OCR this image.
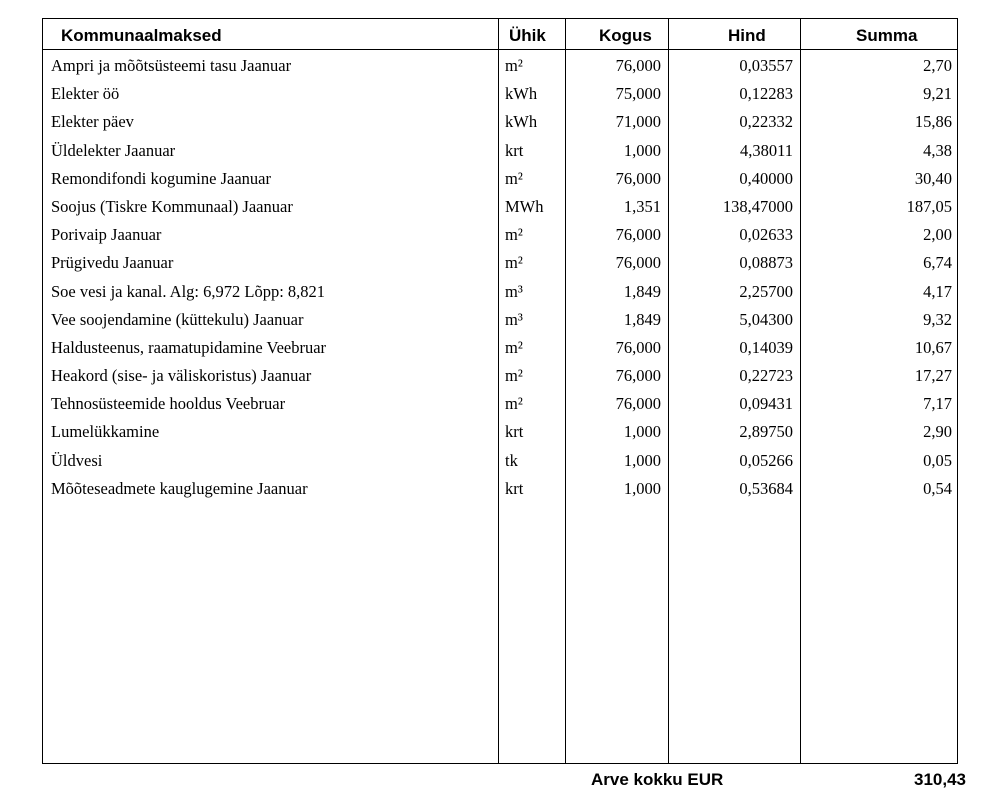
Kommunaalmaksed	Ühik	Kogus	Hind	Summa
Ampri ja mõõtsüsteemi tasu Jaanuar	m²	76,000	0,03557	2,70
Elekter öö	kWh	75,000	0,12283	9,21
Elekter päev	kWh	71,000	0,22332	15,86
Üldelekter Jaanuar	krt	1,000	4,38011	4,38
Remondifondi kogumine Jaanuar	m²	76,000	0,40000	30,40
Soojus (Tiskre Kommunaal) Jaanuar	MWh	1,351	138,47000	187,05
Porivaip Jaanuar	m²	76,000	0,02633	2,00
Prügivedu Jaanuar	m²	76,000	0,08873	6,74
Soe vesi ja kanal. Alg: 6,972 Lõpp: 8,821	m³	1,849	2,25700	4,17
Vee soojendamine (küttekulu) Jaanuar	m³	1,849	5,04300	9,32
Haldusteenus, raamatupidamine Veebruar	m²	76,000	0,14039	10,67
Heakord (sise- ja väliskoristus) Jaanuar	m²	76,000	0,22723	17,27
Tehnosüsteemide hooldus Veebruar	m²	76,000	0,09431	7,17
Lumelükkamine	krt	1,000	2,89750	2,90
Üldvesi	tk	1,000	0,05266	0,05
Mõõteseadmete kauglugemine Jaanuar	krt	1,000	0,53684	0,54
Arve kokku EUR	310,43
